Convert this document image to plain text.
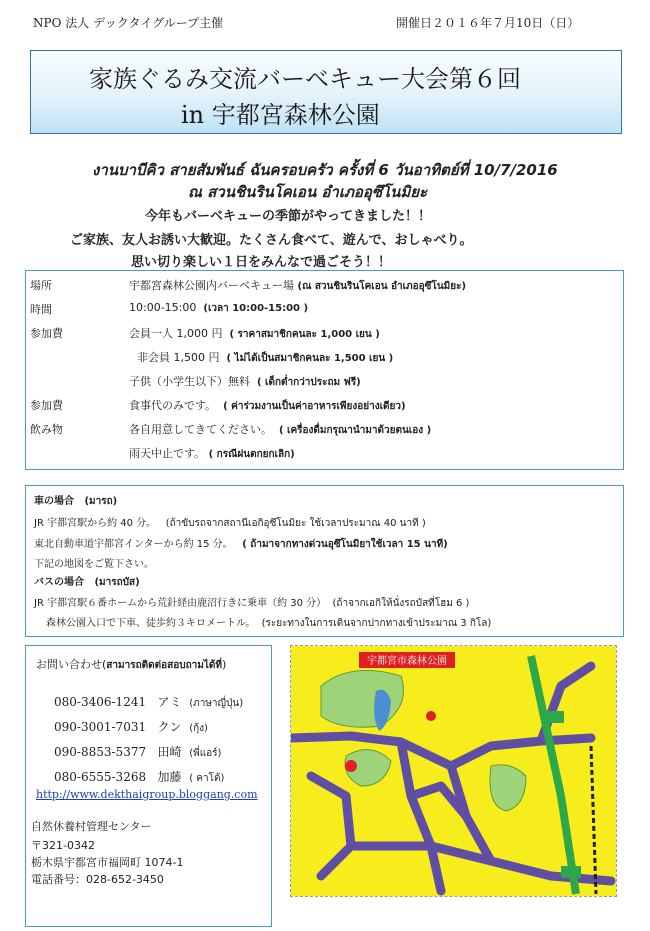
NPO 法人 デックタイグループ主催	開催日２０１６年７月10日（日）
家族ぐるみ交流バーベキュー大会第６回
in 宇都宮森林公園
งานบาบีคิว สายสัมพันธ์ ฉันครอบครัว ครั้งที่ 6 วันอาทิตย์ที่ 10/7/2016
ณ สวนชินรินโคเอน อำเภออุซึโนมิยะ
今年もバーベキューの季節がやってきました！！
ご家族、友人お誘い大歓迎。たくさん食べて、遊んで、おしゃべり。
思い切り楽しい１日をみんなで過ごそう！！
場所	宇都宮森林公園内バーベキュー場 (ณ สวนชินรินโคเอน อำเภออุซึโนมิยะ)
時間	10:00-15:00 (เวลา 10:00-15:00 )
参加費	会員一人 1,000 円 ( ราคาสมาชิกคนละ 1,000 เยน )
非会員 1,500 円 ( ไม่ได้เป็นสมาชิกคนละ 1,500 เยน )
子供（小学生以下）無料 ( เด็กต่ำกว่าประถม ฟรี)
参加費	食事代のみです。 ( ค่าร่วมงานเป็นค่าอาหารเพียงอย่างเดียว)
飲み物	各自用意してきてください。 ( เครื่องดื่มกรุณานำมาด้วยตนเอง )
雨天中止です。 ( กรณีฝนตกยกเลิก)
車の場合 (มารถ)
JR 宇都宮駅から約 40 分。 (ถ้าขับรถจากสถานีเอกิอุซึโนมิยะ ใช้เวลาประมาณ 40 นาที )
東北自動車道宇都宮インターから約 15 分。 ( ถ้ามาจากทางด่วนอุซึโนมิยาใช้เวลา 15 นาที)
下記の地図をご覧下さい。
バスの場合 (มารถบัส)
JR 宇都宮駅６番ホームから荒針経由鹿沼行きに乗車（約 30 分） (ถ้าจากเอกิให้นั่งรถบัสที่โฮม 6 )
森林公園入口で下車、徒歩約３キロメートル。 (ระยะทางในการเดินจากปากทางเข้าประมาณ 3 กิโล)
お問い合わせ(สามารถติดต่อสอบถามได้ที่)
080-3406-1241 アミ (ภาษาญี่ปุ่น)
090-3001-7031 クン (กุ้ง)
090-8853-5377 田崎 (พี่แอร์)
080-6555-3268 加藤 ( คาโต้)
http://www.dekthaigroup.bloggang.com
自然休養村管理センター
〒321-0342
栃木県宇都宮市福岡町 1074-1
電話番号：028-652-3450
宇都宮市森林公園
